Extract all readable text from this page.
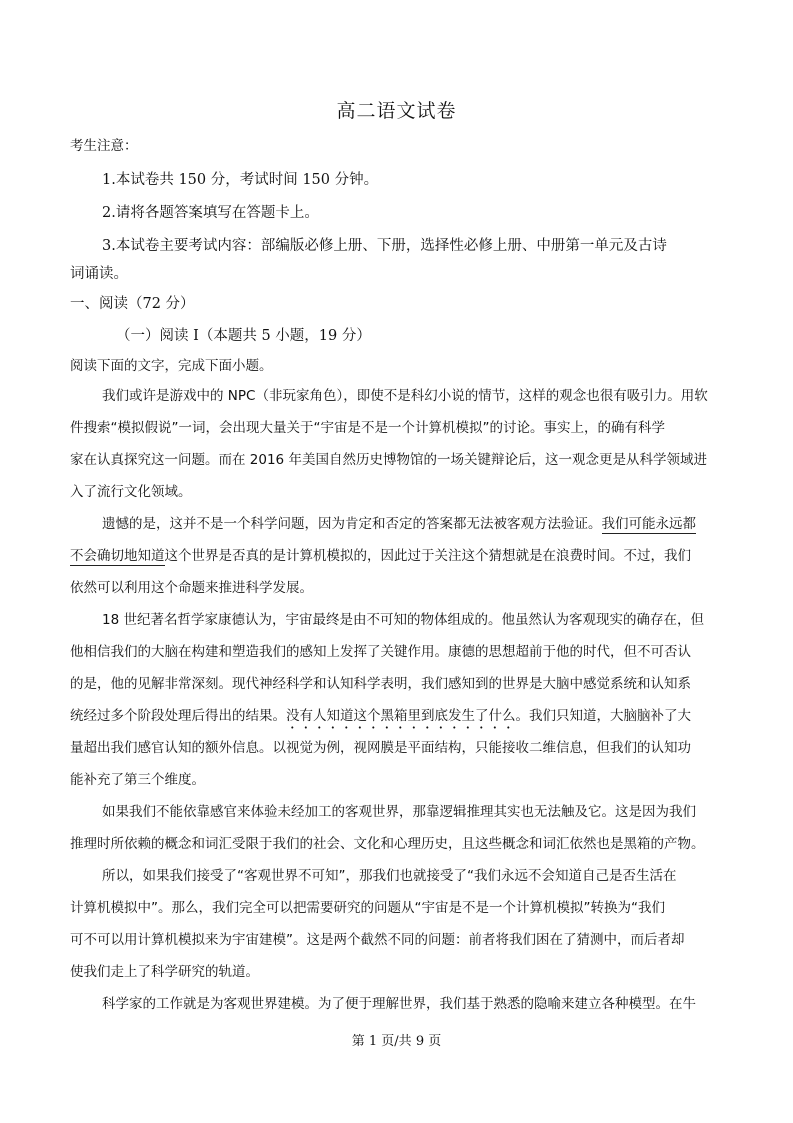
高二语文试卷
考生注意：
1.本试卷共 150 分，考试时间 150 分钟。
2.请将各题答案填写在答题卡上。
3.本试卷主要考试内容：部编版必修上册、下册，选择性必修上册、中册第一单元及古诗
词诵读。
一、阅读（72 分）
（一）阅读 Ⅰ（本题共 5 小题，19 分）
阅读下面的文字，完成下面小题。
我们或许是游戏中的 NPC（非玩家角色），即使不是科幻小说的情节，这样的观念也很有吸引力。用软
件搜索“模拟假说”一词，会出现大量关于“宇宙是不是一个计算机模拟”的讨论。事实上，的确有科学
家在认真探究这一问题。而在 2016 年美国自然历史博物馆的一场关键辩论后，这一观念更是从科学领域进
入了流行文化领域。
遗憾的是，这并不是一个科学问题，因为肯定和否定的答案都无法被客观方法验证。我们可能永远都
不会确切地知道这个世界是否真的是计算机模拟的，因此过于关注这个猜想就是在浪费时间。不过，我们
依然可以利用这个命题来推进科学发展。
18 世纪著名哲学家康德认为，宇宙最终是由不可知的物体组成的。他虽然认为客观现实的确存在，但
他相信我们的大脑在构建和塑造我们的感知上发挥了关键作用。康德的思想超前于他的时代，但不可否认
的是，他的见解非常深刻。现代神经科学和认知科学表明，我们感知到的世界是大脑中感觉系统和认知系
统经过多个阶段处理后得出的结果。没有人知道这个黑箱里到底发生了什么。我们只知道，大脑脑补了大
量超出我们感官认知的额外信息。以视觉为例，视网膜是平面结构，只能接收二维信息，但我们的认知功
能补充了第三个维度。
如果我们不能依靠感官来体验未经加工的客观世界，那靠逻辑推理其实也无法触及它。这是因为我们
推理时所依赖的概念和词汇受限于我们的社会、文化和心理历史，且这些概念和词汇依然也是黑箱的产物。
所以，如果我们接受了“客观世界不可知”，那我们也就接受了“我们永远不会知道自己是否生活在
计算机模拟中”。那么，我们完全可以把需要研究的问题从“宇宙是不是一个计算机模拟”转换为“我们
可不可以用计算机模拟来为宇宙建模”。这是两个截然不同的问题：前者将我们困在了猜测中，而后者却
使我们走上了科学研究的轨道。
科学家的工作就是为客观世界建模。为了便于理解世界，我们基于熟悉的隐喻来建立各种模型。在牛
第 1 页/共 9 页
